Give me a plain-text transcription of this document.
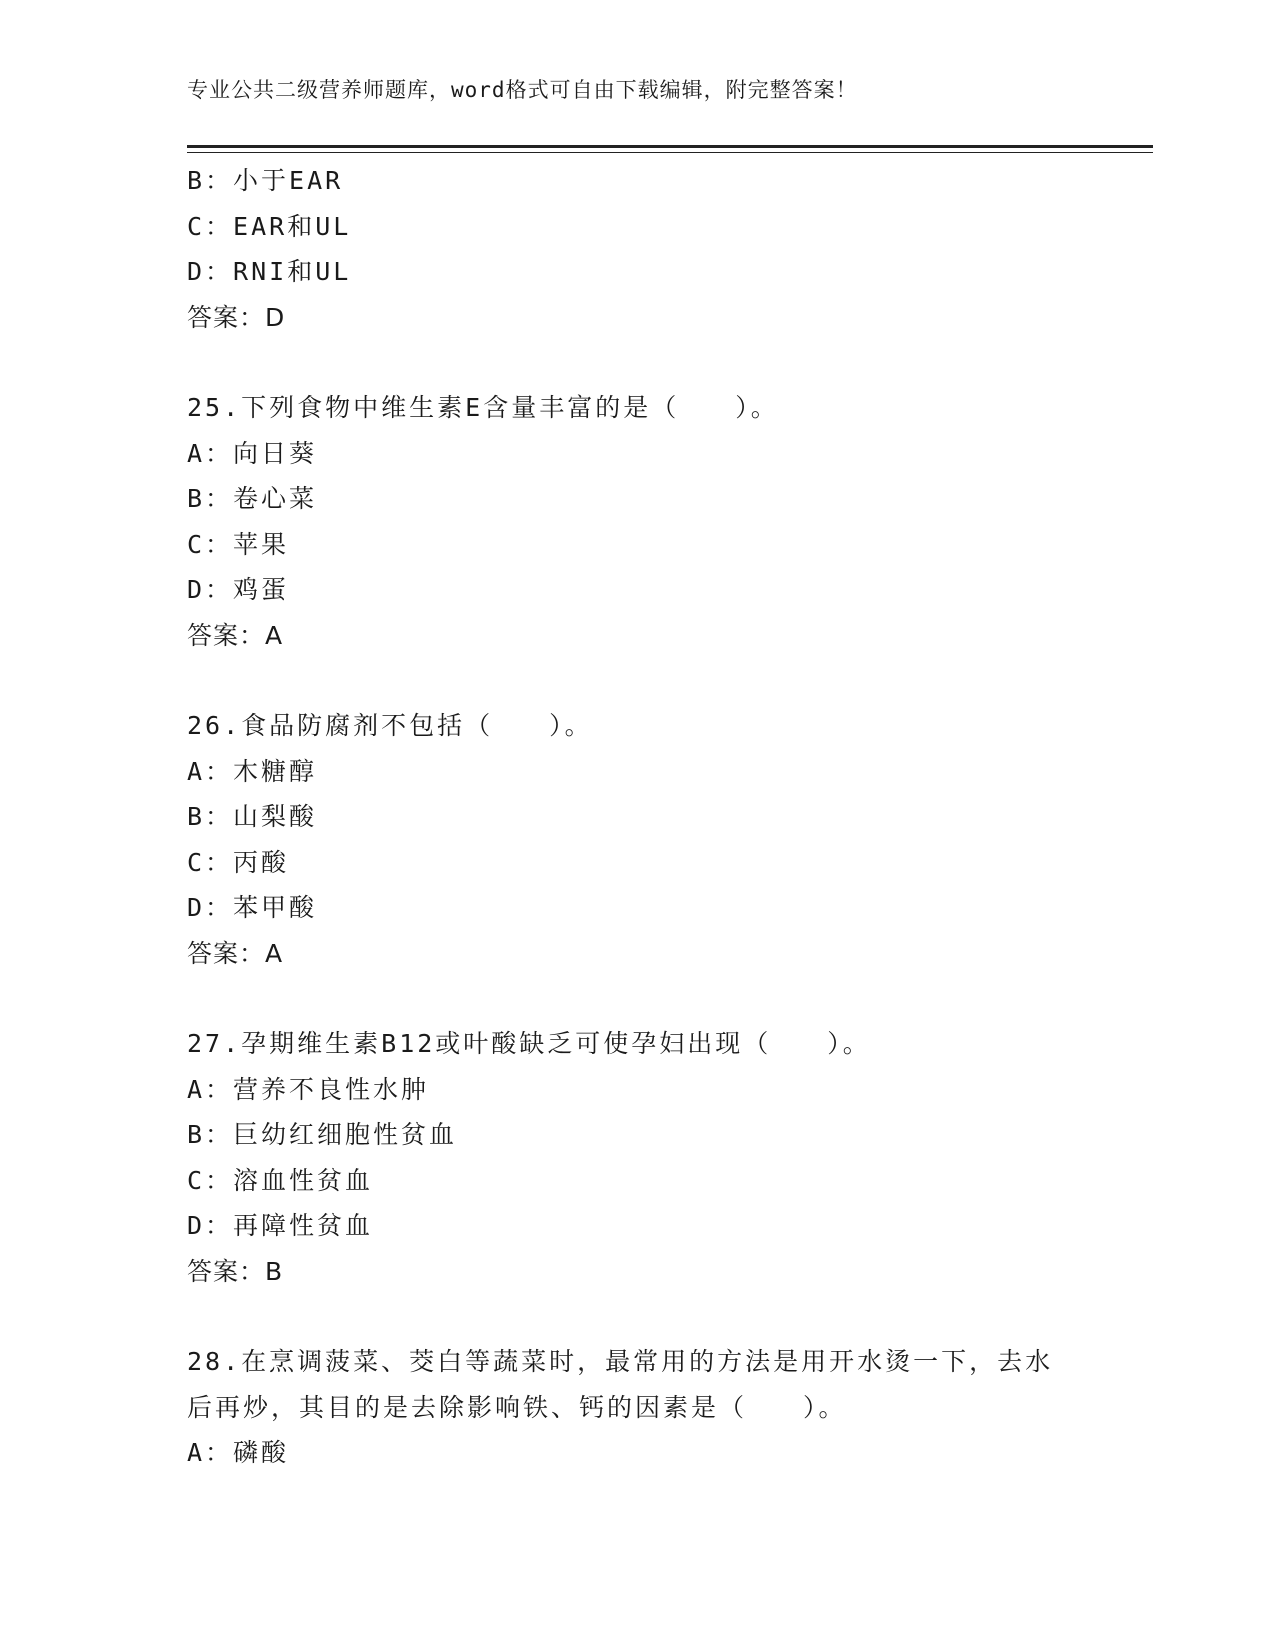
专业公共二级营养师题库，word格式可自由下载编辑，附完整答案！
B：小于EAR
C：EAR和UL
D：RNI和UL
答案：D
25.下列食物中维生素E含量丰富的是（　　）。
A：向日葵
B：卷心菜
C：苹果
D：鸡蛋
答案：A
26.食品防腐剂不包括（　　）。
A：木糖醇
B：山梨酸
C：丙酸
D：苯甲酸
答案：A
27.孕期维生素B12或叶酸缺乏可使孕妇出现（　　）。
A：营养不良性水肿
B：巨幼红细胞性贫血
C：溶血性贫血
D：再障性贫血
答案：B
28.在烹调菠菜、茭白等蔬菜时，最常用的方法是用开水烫一下，去水
后再炒，其目的是去除影响铁、钙的因素是（　　）。
A：磷酸
